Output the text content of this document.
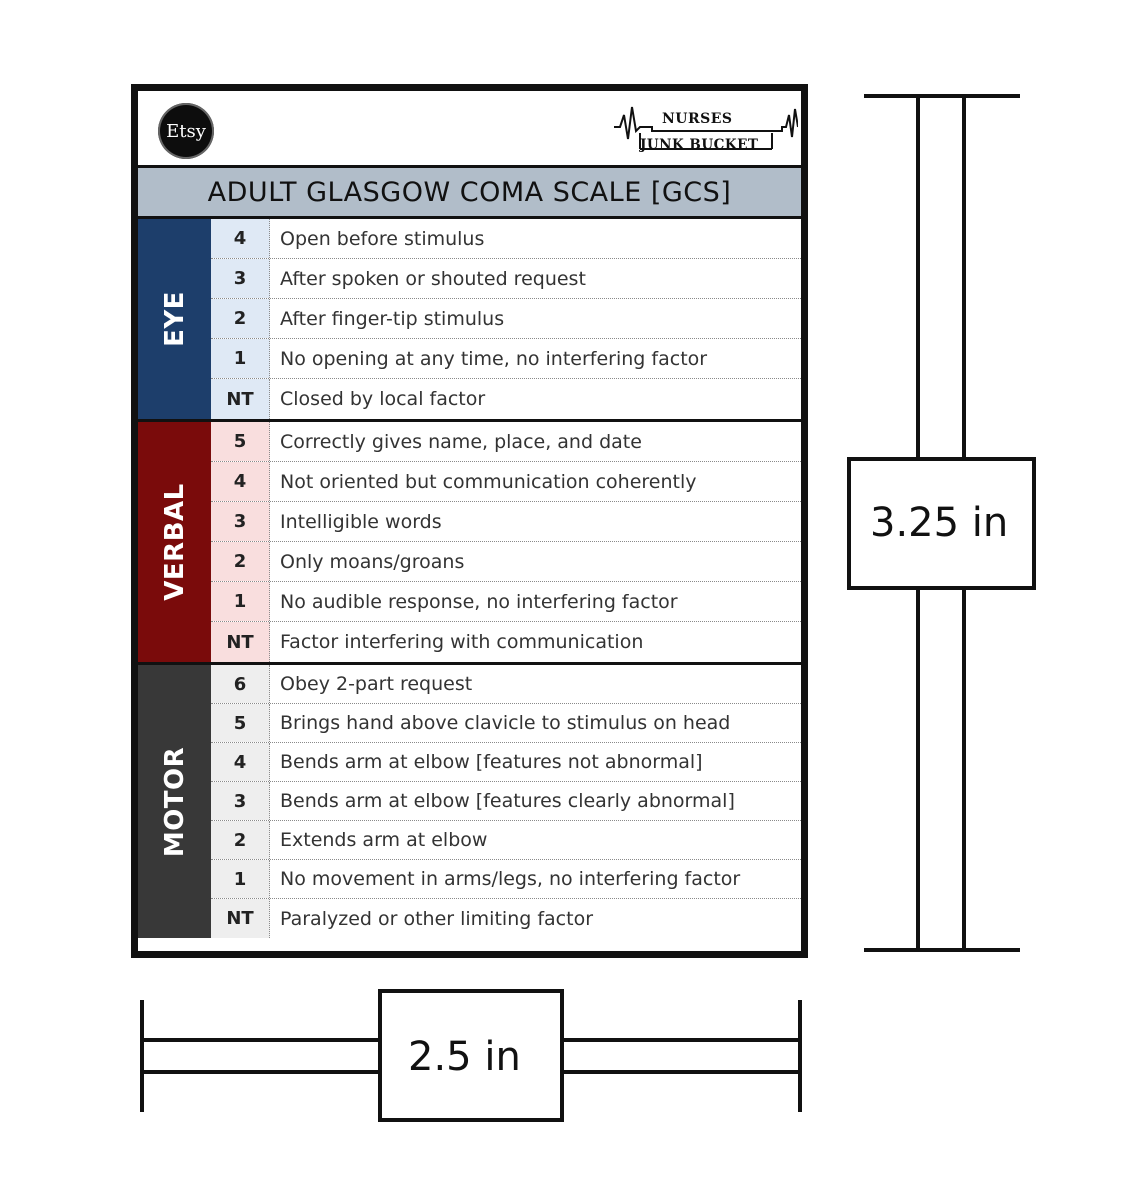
Etsy
NURSES
JUNK BUCKET
ADULT GLASGOW COMA SCALE [GCS]
EYE
4	Open before stimulus
3	After spoken or shouted request
2	After finger-tip stimulus
1	No opening at any time, no interfering factor
NT	Closed by local factor
VERBAL
5	Correctly gives name, place, and date
4	Not oriented but communication coherently
3	Intelligible words
2	Only moans/groans
1	No audible response, no interfering factor
NT	Factor interfering with communication
MOTOR
6	Obey 2-part request
5	Brings hand above clavicle to stimulus on head
4	Bends arm at elbow [features not abnormal]
3	Bends arm at elbow [features clearly abnormal]
2	Extends arm at elbow
1	No movement in arms/legs, no interfering factor
NT	Paralyzed or other limiting factor
3.25 in
2.5 in
